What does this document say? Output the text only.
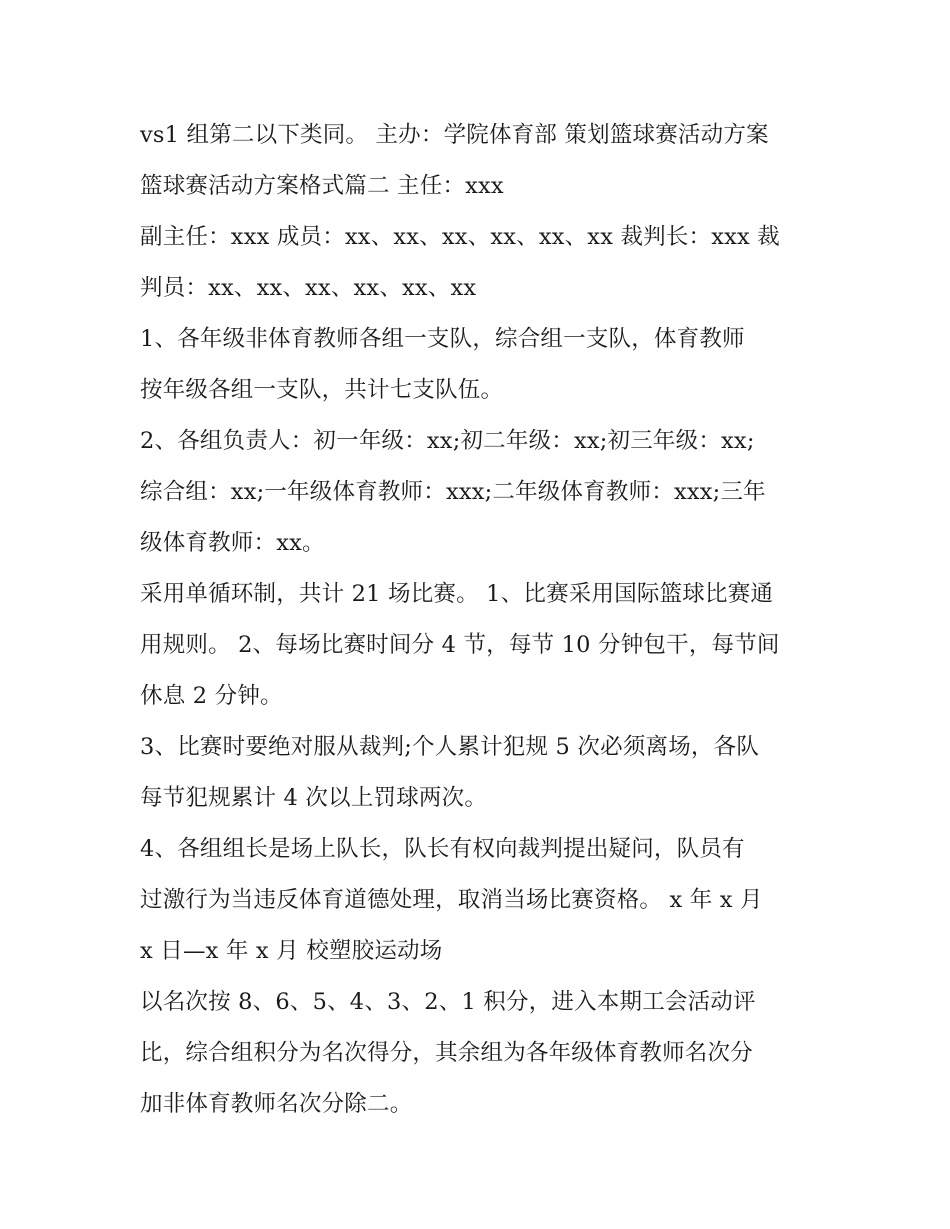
vs1 组第二以下类同。 主办：学院体育部 策划篮球赛活动方案
篮球赛活动方案格式篇二 主任：xxx
副主任：xxx 成员：xx、xx、xx、xx、xx、xx 裁判长：xxx 裁
判员：xx、xx、xx、xx、xx、xx
1、各年级非体育教师各组一支队，综合组一支队，体育教师
按年级各组一支队，共计七支队伍。
2、各组负责人：初一年级：xx;初二年级：xx;初三年级：xx;
综合组：xx;一年级体育教师：xxx;二年级体育教师：xxx;三年
级体育教师：xx。
采用单循环制，共计 21 场比赛。 1、比赛采用国际篮球比赛通
用规则。 2、每场比赛时间分 4 节，每节 10 分钟包干，每节间
休息 2 分钟。
3、比赛时要绝对服从裁判;个人累计犯规 5 次必须离场，各队
每节犯规累计 4 次以上罚球两次。
4、各组组长是场上队长，队长有权向裁判提出疑问，队员有
过激行为当违反体育道德处理，取消当场比赛资格。 x 年 x 月
x 日—x 年 x 月 校塑胶运动场
以名次按 8、6、5、4、3、2、1 积分，进入本期工会活动评
比，综合组积分为名次得分，其余组为各年级体育教师名次分
加非体育教师名次分除二。
